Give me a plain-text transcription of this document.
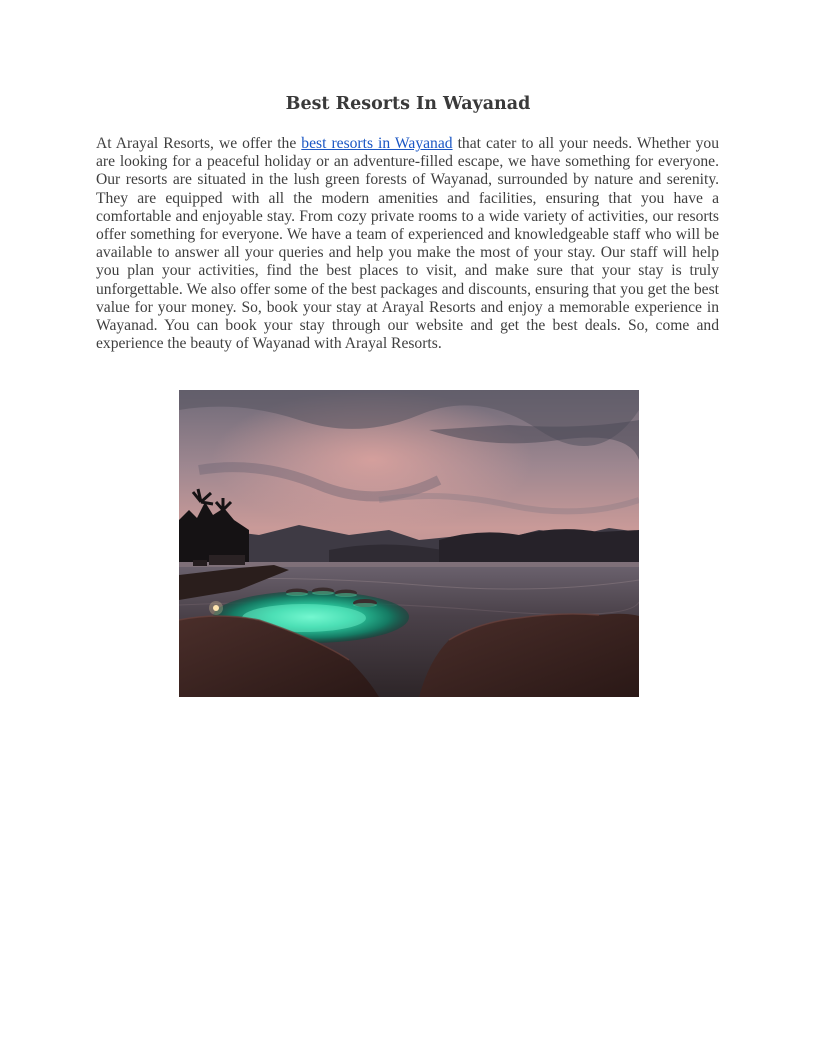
Best Resorts In Wayanad

At Arayal Resorts, we offer the best resorts in Wayanad that cater to all your needs. Whether you are looking for a peaceful holiday or an adventure-filled escape, we have something for everyone. Our resorts are situated in the lush green forests of Wayanad, surrounded by nature and serenity. They are equipped with all the modern amenities and facilities, ensuring that you have a comfortable and enjoyable stay. From cozy private rooms to a wide variety of activities, our resorts offer something for everyone. We have a team of experienced and knowledgeable staff who will be available to answer all your queries and help you make the most of your stay. Our staff will help you plan your activities, find the best places to visit, and make sure that your stay is truly unforgettable. We also offer some of the best packages and discounts, ensuring that you get the best value for your money. So, book your stay at Arayal Resorts and enjoy a memorable experience in Wayanad. You can book your stay through our website and get the best deals. So, come and experience the beauty of Wayanad with Arayal Resorts.
